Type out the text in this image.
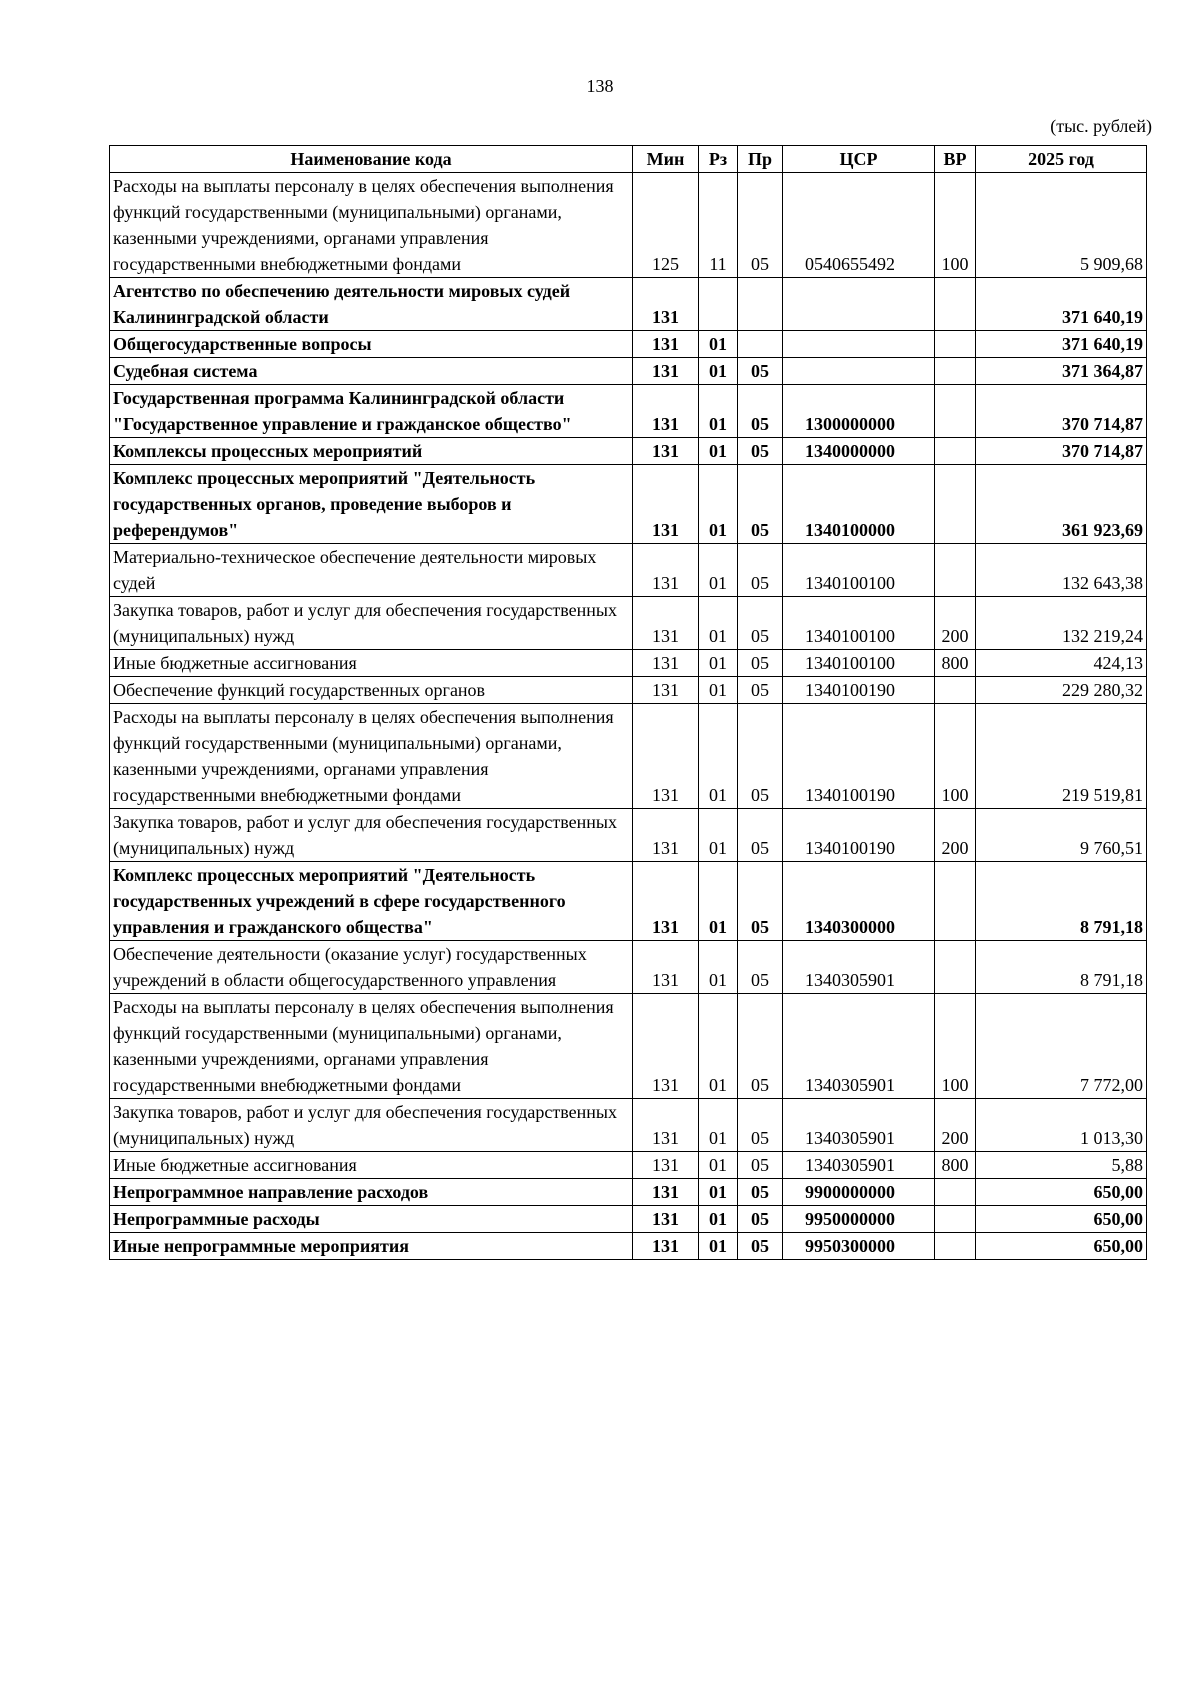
138
(тыс. рублей)
Наименование кода	Мин	Рз	Пр	ЦСР	ВР	2025 год
Расходы на выплаты персоналу в целях обеспечения выполнения функций государственными (муниципальными) органами, казенными учреждениями, органами управления государственными внебюджетными фондами	125	11	05	0540655492	100	5 909,68
Агентство по обеспечению деятельности мировых судей Калининградской области	131					371 640,19
Общегосударственные вопросы	131	01				371 640,19
Судебная система	131	01	05			371 364,87
Государственная программа Калининградской области "Государственное управление и гражданское общество"	131	01	05	1300000000		370 714,87
Комплексы процессных мероприятий	131	01	05	1340000000		370 714,87
Комплекс процессных мероприятий "Деятельность государственных органов, проведение выборов и референдумов"	131	01	05	1340100000		361 923,69
Материально-техническое обеспечение деятельности мировых судей	131	01	05	1340100100		132 643,38
Закупка товаров, работ и услуг для обеспечения государственных (муниципальных) нужд	131	01	05	1340100100	200	132 219,24
Иные бюджетные ассигнования	131	01	05	1340100100	800	424,13
Обеспечение функций государственных органов	131	01	05	1340100190		229 280,32
Расходы на выплаты персоналу в целях обеспечения выполнения функций государственными (муниципальными) органами, казенными учреждениями, органами управления государственными внебюджетными фондами	131	01	05	1340100190	100	219 519,81
Закупка товаров, работ и услуг для обеспечения государственных (муниципальных) нужд	131	01	05	1340100190	200	9 760,51
Комплекс процессных мероприятий "Деятельность государственных учреждений в сфере государственного управления и гражданского общества"	131	01	05	1340300000		8 791,18
Обеспечение деятельности (оказание услуг) государственных учреждений в области общегосударственного управления	131	01	05	1340305901		8 791,18
Расходы на выплаты персоналу в целях обеспечения выполнения функций государственными (муниципальными) органами, казенными учреждениями, органами управления государственными внебюджетными фондами	131	01	05	1340305901	100	7 772,00
Закупка товаров, работ и услуг для обеспечения государственных (муниципальных) нужд	131	01	05	1340305901	200	1 013,30
Иные бюджетные ассигнования	131	01	05	1340305901	800	5,88
Непрограммное направление расходов	131	01	05	9900000000		650,00
Непрограммные расходы	131	01	05	9950000000		650,00
Иные непрограммные мероприятия	131	01	05	9950300000		650,00
